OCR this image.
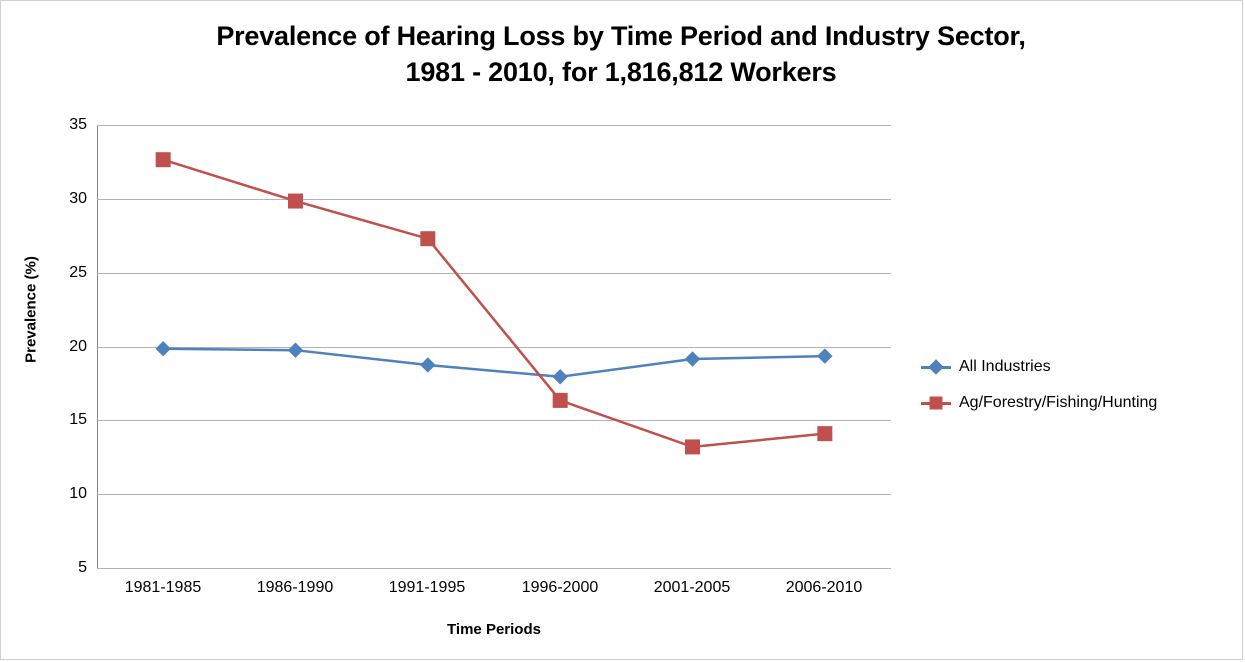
Prevalence of Hearing Loss by Time Period and Industry Sector,
1981 - 2010, for 1,816,812 Workers
35
30
25
20
15
10
5
1981-1985	1986-1990	1991-1995	1996-2000	2001-2005	2006-2010
Time Periods
Prevalence (%)
All Industries
Ag/Forestry/Fishing/Hunting
